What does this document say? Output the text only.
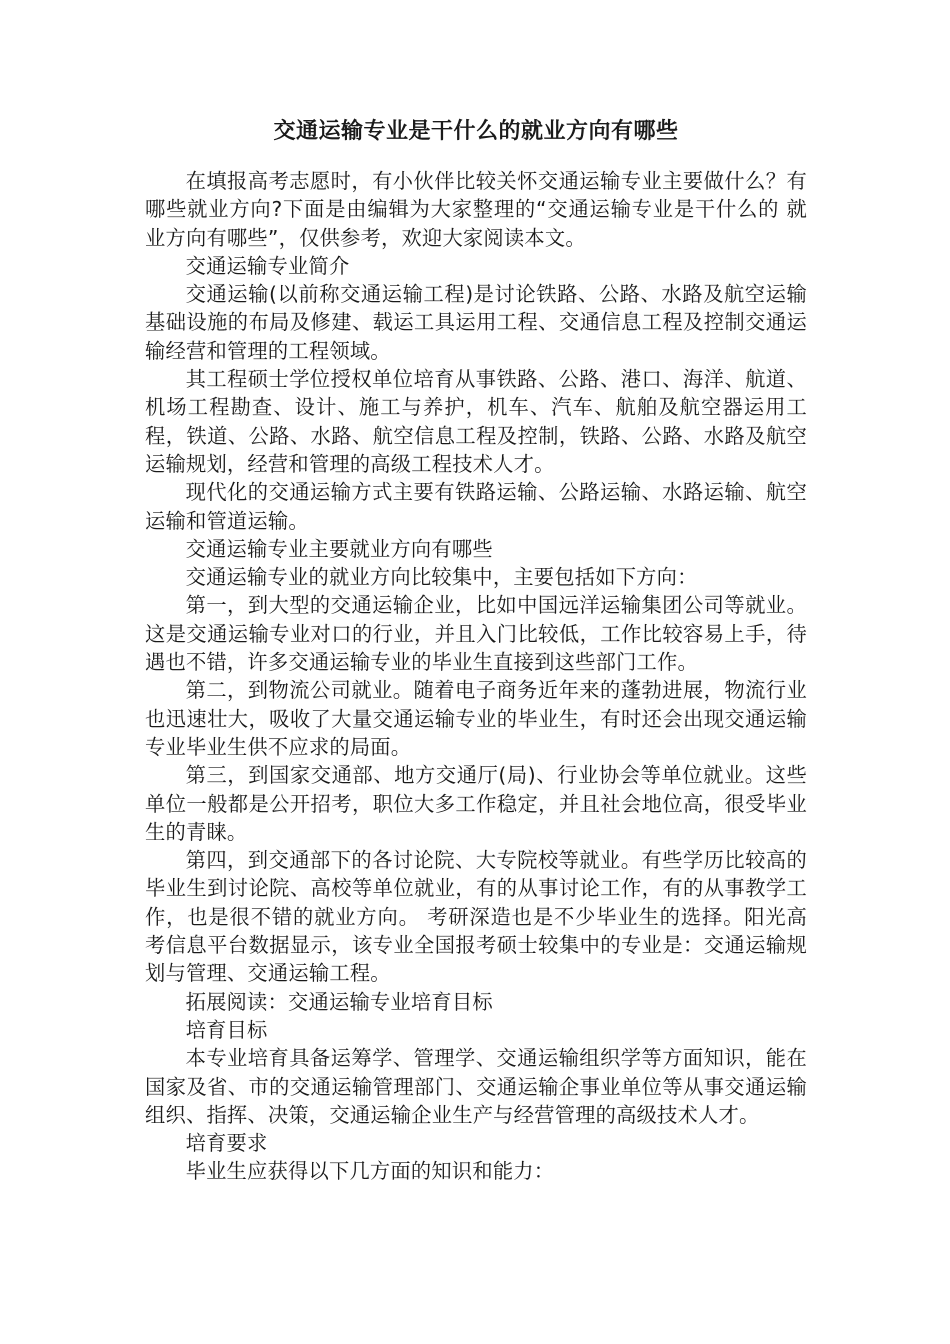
交通运输专业是干什么的就业方向有哪些

在填报高考志愿时，有小伙伴比较关怀交通运输专业主要做什么？有哪些就业方向?下面是由编辑为大家整理的“交通运输专业是干什么的 就业方向有哪些”，仅供参考，欢迎大家阅读本文。

交通运输专业简介

交通运输(以前称交通运输工程)是讨论铁路、公路、水路及航空运输基础设施的布局及修建、载运工具运用工程、交通信息工程及控制交通运输经营和管理的工程领域。

其工程硕士学位授权单位培育从事铁路、公路、港口、海洋、航道、机场工程勘查、设计、施工与养护，机车、汽车、航舶及航空器运用工程，铁道、公路、水路、航空信息工程及控制，铁路、公路、水路及航空运输规划，经营和管理的高级工程技术人才。

现代化的交通运输方式主要有铁路运输、公路运输、水路运输、航空运输和管道运输。

交通运输专业主要就业方向有哪些

交通运输专业的就业方向比较集中，主要包括如下方向：

第一，到大型的交通运输企业，比如中国远洋运输集团公司等就业。这是交通运输专业对口的行业，并且入门比较低，工作比较容易上手，待遇也不错，许多交通运输专业的毕业生直接到这些部门工作。

第二，到物流公司就业。随着电子商务近年来的蓬勃进展，物流行业也迅速壮大，吸收了大量交通运输专业的毕业生，有时还会出现交通运输专业毕业生供不应求的局面。

第三，到国家交通部、地方交通厅(局)、行业协会等单位就业。这些单位一般都是公开招考，职位大多工作稳定，并且社会地位高，很受毕业生的青睐。

第四，到交通部下的各讨论院、大专院校等就业。有些学历比较高的毕业生到讨论院、高校等单位就业，有的从事讨论工作，有的从事教学工作，也是很不错的就业方向。 考研深造也是不少毕业生的选择。阳光高考信息平台数据显示，该专业全国报考硕士较集中的专业是：交通运输规划与管理、交通运输工程。

拓展阅读：交通运输专业培育目标

培育目标

本专业培育具备运筹学、管理学、交通运输组织学等方面知识，能在国家及省、市的交通运输管理部门、交通运输企事业单位等从事交通运输组织、指挥、决策，交通运输企业生产与经营管理的高级技术人才。

培育要求

毕业生应获得以下几方面的知识和能力：
